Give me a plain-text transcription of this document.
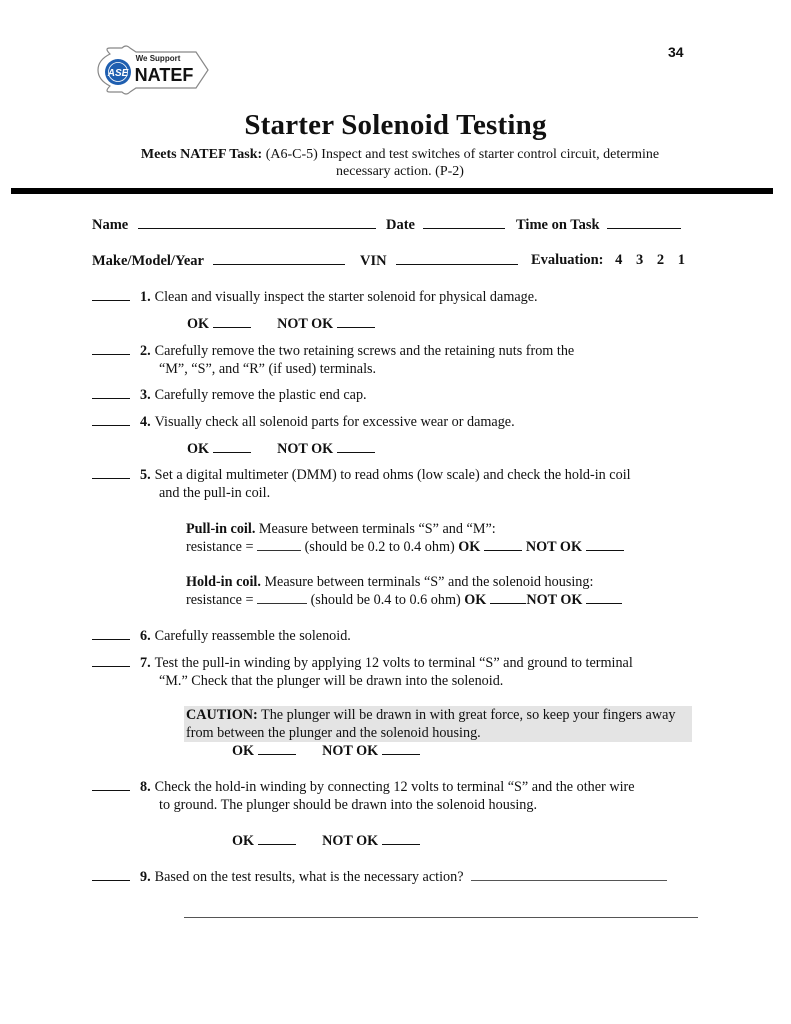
34
ASE
We Support
NATEF
Starter Solenoid Testing
Meets NATEF Task: (A6-C-5) Inspect and test switches of starter control circuit, determine
necessary action. (P-2)
Name	Date	Time on Task
Make/Model/Year	VIN	Evaluation: 4 3 2 1
1. Clean and visually inspect the starter solenoid for physical damage.
OK	NOT OK
2. Carefully remove the two retaining screws and the retaining nuts from the
“M”, “S”, and “R” (if used) terminals.
3. Carefully remove the plastic end cap.
4. Visually check all solenoid parts for excessive wear or damage.
OK	NOT OK
5. Set a digital multimeter (DMM) to read ohms (low scale) and check the hold-in coil
and the pull-in coil.
Pull-in coil. Measure between terminals “S” and “M”:
resistance =	(should be 0.2 to 0.4 ohm) OK	NOT OK
Hold-in coil. Measure between terminals “S” and the solenoid housing:
resistance =	(should be 0.4 to 0.6 ohm) OK	NOT OK
6. Carefully reassemble the solenoid.
7. Test the pull-in winding by applying 12 volts to terminal “S” and ground to terminal
“M.” Check that the plunger will be drawn into the solenoid.
CAUTION: The plunger will be drawn in with great force, so keep your fingers away from between the plunger and the solenoid housing.
OK	NOT OK
8. Check the hold-in winding by connecting 12 volts to terminal “S” and the other wire
to ground. The plunger should be drawn into the solenoid housing.
OK	NOT OK
9. Based on the test results, what is the necessary action?
